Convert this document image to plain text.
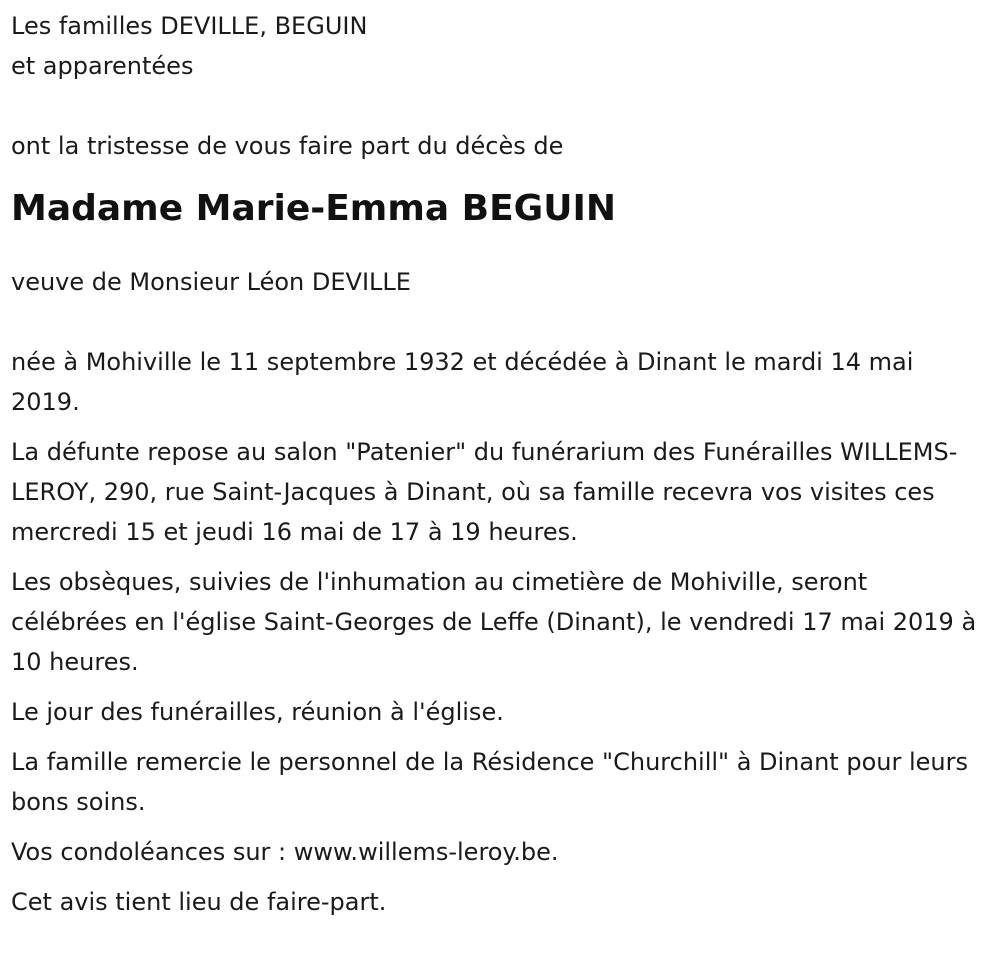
Les familles DEVILLE, BEGUIN

et apparentées

ont la tristesse de vous faire part du décès de

Madame Marie-Emma BEGUIN

veuve de Monsieur Léon DEVILLE

née à Mohiville le 11 septembre 1932 et décédée à Dinant le mardi 14 mai 2019.

La défunte repose au salon "Patenier" du funérarium des Funérailles WILLEMS-LEROY, 290, rue Saint-Jacques à Dinant, où sa famille recevra vos visites ces mercredi 15 et jeudi 16 mai de 17 à 19 heures.

Les obsèques, suivies de l'inhumation au cimetière de Mohiville, seront célébrées en l'église Saint-Georges de Leffe (Dinant), le vendredi 17 mai 2019 à 10 heures.

Le jour des funérailles, réunion à l'église.

La famille remercie le personnel de la Résidence "Churchill" à Dinant pour leurs bons soins.

Vos condoléances sur : www.willems-leroy.be.

Cet avis tient lieu de faire-part.
